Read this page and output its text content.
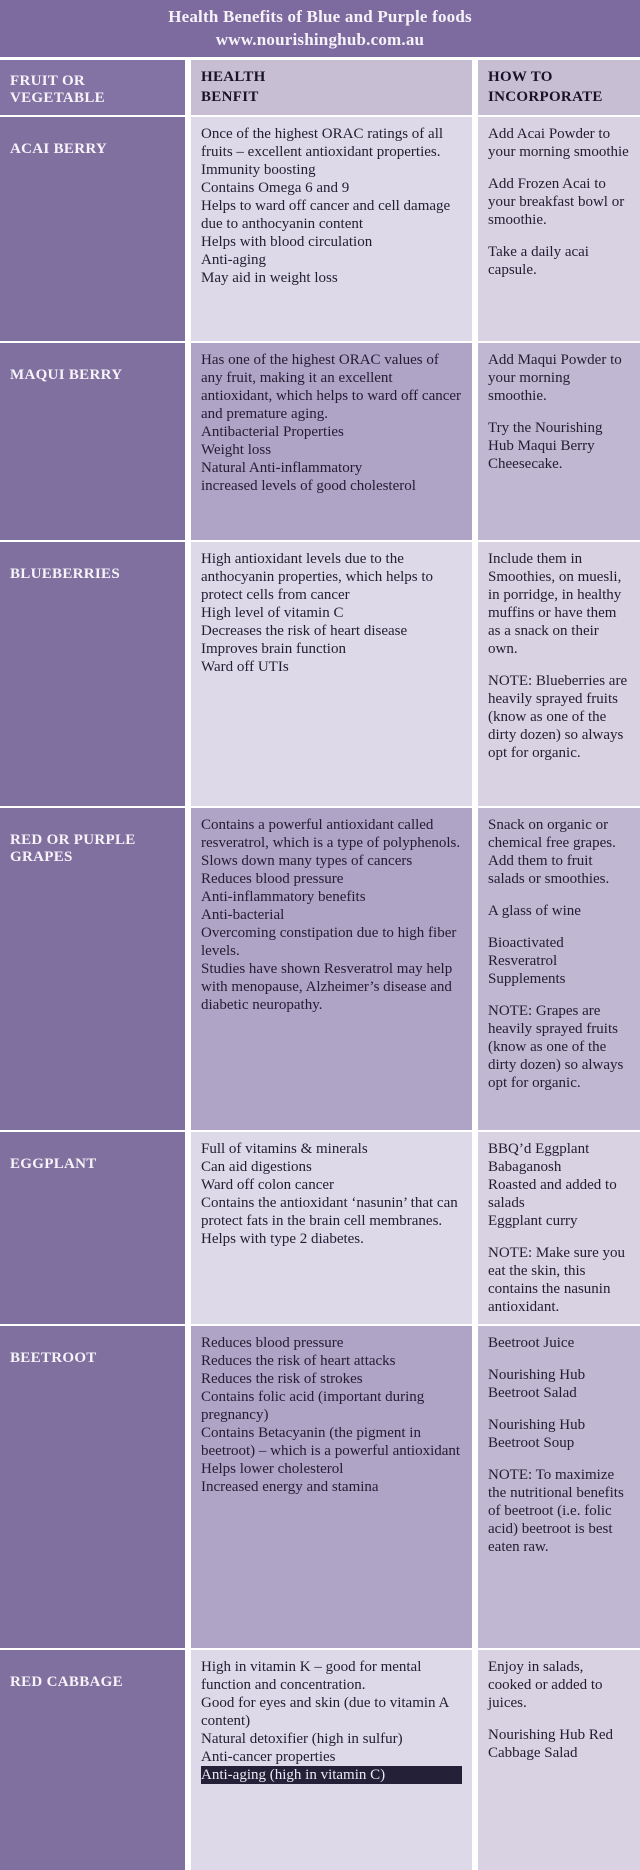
Health Benefits of Blue and Purple foods
www.nourishinghub.com.au
FRUIT OR VEGETABLE
HEALTH
BENFIT
HOW TO
INCORPORATE
ACAI BERRY
Once of the highest ORAC ratings of all fruits – excellent antioxidant properties.
Immunity boosting
Contains Omega 6 and 9
Helps to ward off cancer and cell damage due to anthocyanin content
Helps with blood circulation
Anti-aging
May aid in weight loss
Add Acai Powder to your morning smoothie
Add Frozen Acai to your breakfast bowl or smoothie.
Take a daily acai capsule.
MAQUI BERRY
Has one of the highest ORAC values of any fruit, making it an excellent antioxidant, which helps to ward off cancer and premature aging.
Antibacterial Properties
Weight loss
Natural Anti-inflammatory
increased levels of good cholesterol
Add Maqui Powder to your morning smoothie.
Try the Nourishing Hub Maqui Berry Cheesecake.
BLUEBERRIES
High antioxidant levels due to the anthocyanin properties, which helps to protect cells from cancer
High level of vitamin C
Decreases the risk of heart disease
Improves brain function
Ward off UTIs
Include them in Smoothies, on muesli, in porridge, in healthy muffins or have them as a snack on their own.
NOTE: Blueberries are heavily sprayed fruits (know as one of the dirty dozen) so always opt for organic.
RED OR PURPLE GRAPES
Contains a powerful antioxidant called resveratrol, which is a type of polyphenols.
Slows down many types of cancers
Reduces blood pressure
Anti-inflammatory benefits
Anti-bacterial
Overcoming constipation due to high fiber levels.
Studies have shown Resveratrol may help with menopause, Alzheimer’s disease and diabetic neuropathy.
Snack on organic or chemical free grapes. Add them to fruit salads or smoothies.
A glass of wine
Bioactivated Resveratrol Supplements
NOTE: Grapes are heavily sprayed fruits (know as one of the dirty dozen) so always opt for organic.
EGGPLANT
Full of vitamins & minerals
Can aid digestions
Ward off colon cancer
Contains the antioxidant ‘nasunin’ that can protect fats in the brain cell membranes.
Helps with type 2 diabetes.
BBQ’d Eggplant
Babaganosh
Roasted and added to salads
Eggplant curry
NOTE: Make sure you eat the skin, this contains the nasunin antioxidant.
BEETROOT
Reduces blood pressure
Reduces the risk of heart attacks
Reduces the risk of strokes
Contains folic acid (important during pregnancy)
Contains Betacyanin (the pigment in beetroot) – which is a powerful antioxidant
Helps lower cholesterol
Increased energy and stamina
Beetroot Juice
Nourishing Hub Beetroot Salad
Nourishing Hub Beetroot Soup
NOTE: To maximize the nutritional benefits of beetroot (i.e. folic acid) beetroot is best eaten raw.
RED CABBAGE
High in vitamin K – good for mental function and concentration.
Good for eyes and skin (due to vitamin A content)
Natural detoxifier (high in sulfur)
Anti-cancer properties
Anti-aging (high in vitamin C)
Enjoy in salads, cooked or added to juices.
Nourishing Hub Red Cabbage Salad
